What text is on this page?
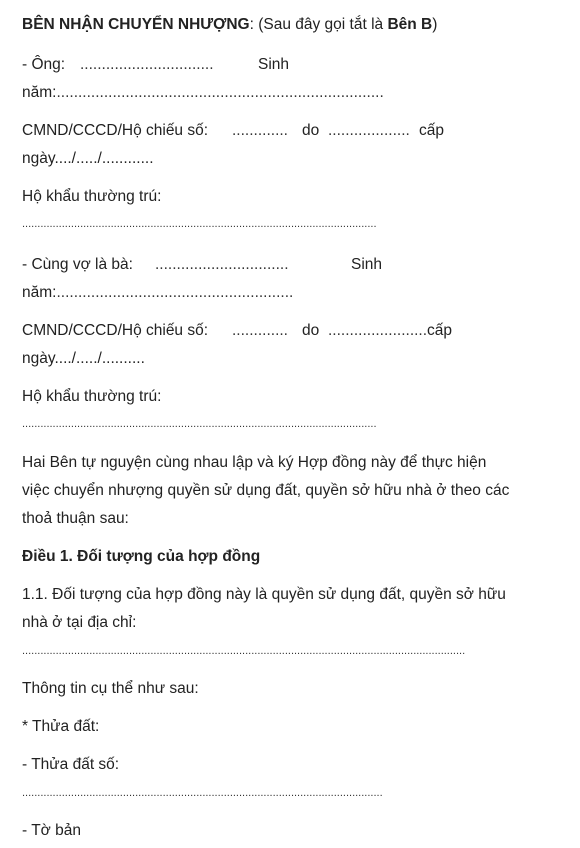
BÊN NHẬN CHUYỂN NHƯỢNG: (Sau đây gọi tắt là Bên B)
- Ông: ...............................	Sinh
năm:............................................................................
CMND/CCCD/Hộ chiếu số: ............. do ................... cấp
ngày..../...../............
Hộ khẩu thường trú:
....................................................................................................................
- Cùng vợ là bà: ...............................	Sinh
năm:.......................................................
CMND/CCCD/Hộ chiếu số: ............. do ....................... cấp
ngày..../...../..........
Hộ khẩu thường trú:
....................................................................................................................
Hai Bên tự nguyện cùng nhau lập và ký Hợp đồng này để thực hiện
việc chuyển nhượng quyền sử dụng đất, quyền sở hữu nhà ở theo các
thoả thuận sau:
Điều 1. Đối tượng của hợp đồng
1.1. Đối tượng của hợp đồng này là quyền sử dụng đất, quyền sở hữu
nhà ở tại địa chỉ:
.................................................................................................................................................
Thông tin cụ thể như sau:
* Thửa đất:
- Thửa đất số:
......................................................................................................................
- Tờ bản
